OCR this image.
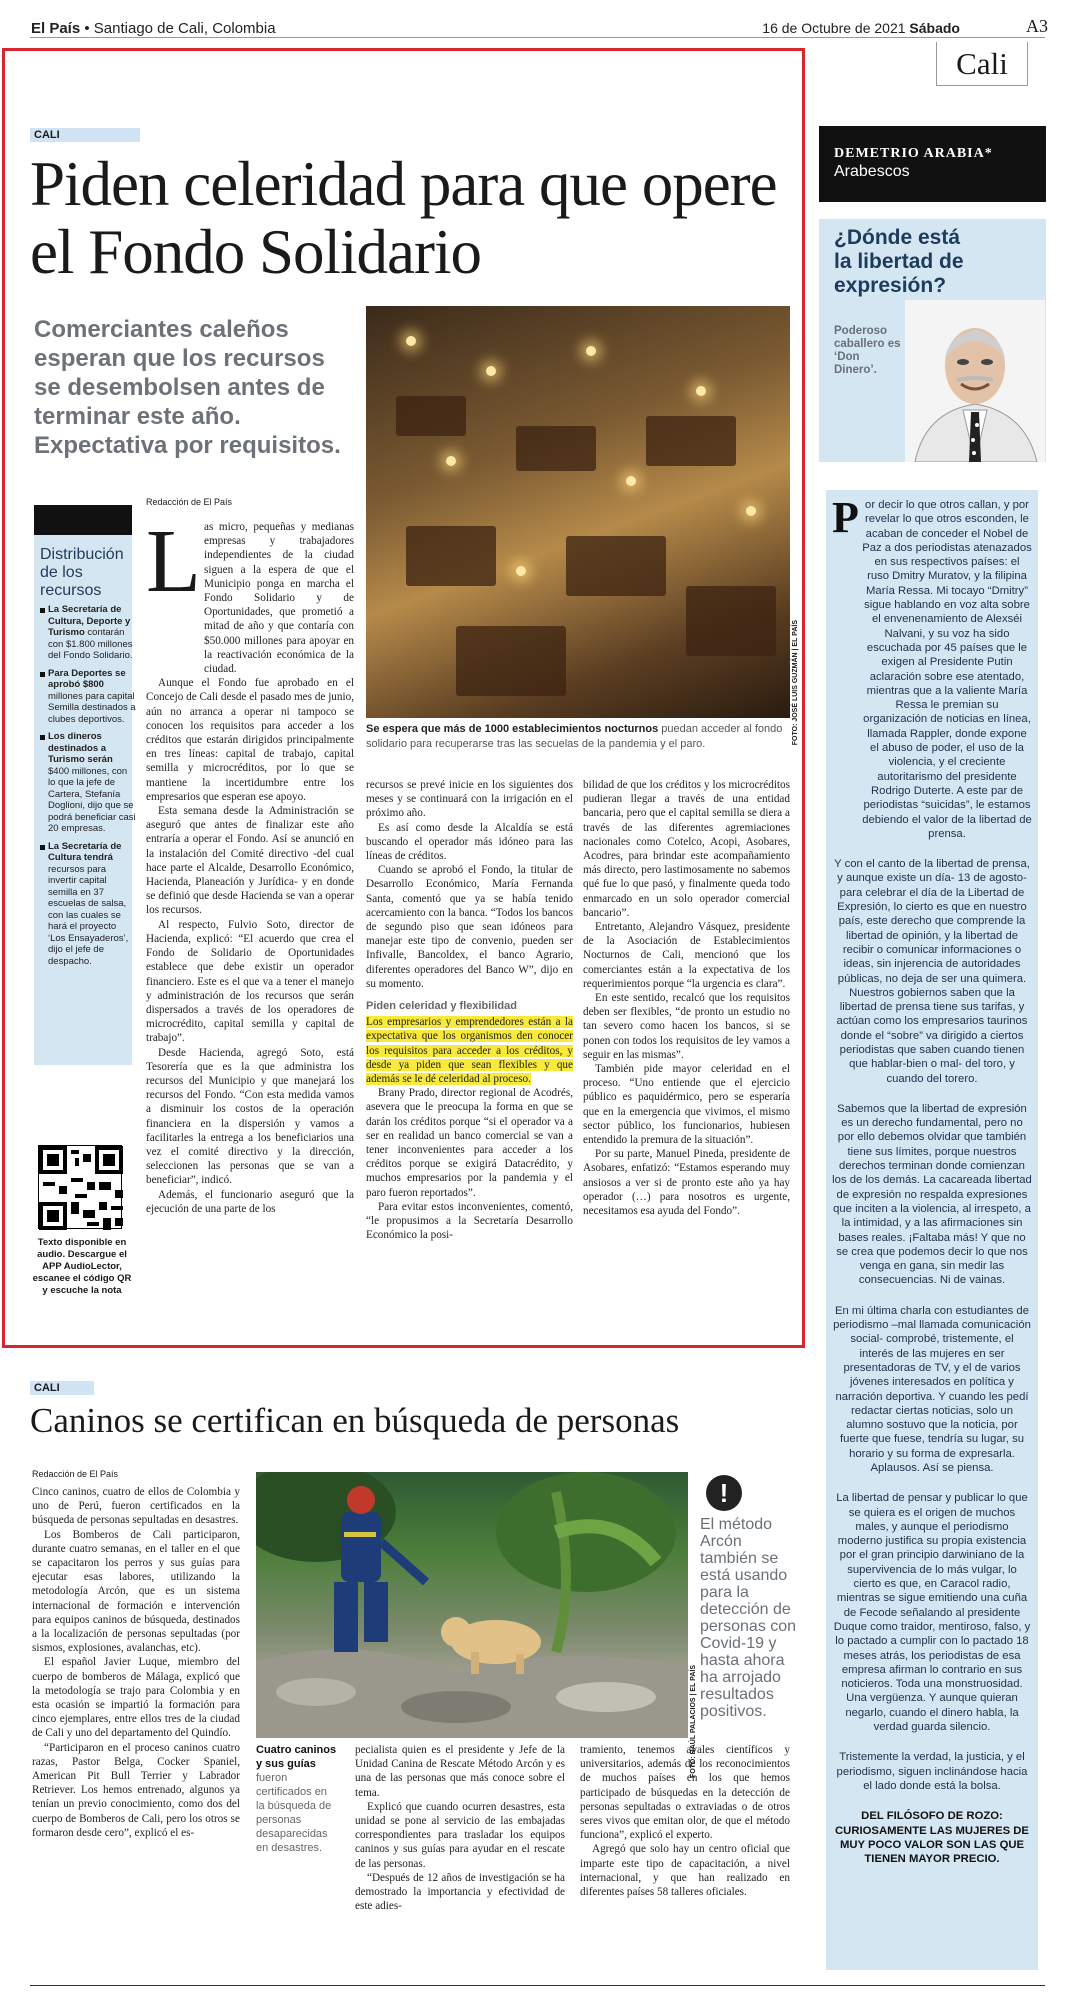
El País • Santiago de Cali, Colombia	16 de Octubre de 2021 Sábado	A3
Cali
CALI
Piden celeridad para que opere el Fondo Solidario
Comerciantes caleños esperan que los recursos se desembolsen antes de terminar este año. Expectativa por requisitos.
FOTO: JOSÉ LUIS GUZMÁN | EL PAÍS
Se espera que más de 1000 establecimientos nocturnos puedan acceder al fondo solidario para recuperarse tras las secuelas de la pandemia y el paro.
Distribución de los recursos
La Secretaría de Cultura, Deporte y Turismo contarán con $1.800 millones del Fondo Solidario.
Para Deportes se aprobó $800 millones para capital Semilla destinados a clubes deportivos.
Los dineros destinados a Turismo serán $400 millones, con lo que la jefe de Cartera, Stefanía Doglioni, dijo que se podrá beneficiar casi 20 empresas.
La Secretaría de Cultura tendrá recursos para invertir capital semilla en 37 escuelas de salsa, con las cuales se hará el proyecto ‘Los Ensayaderos’, dijo el jefe de despacho.
Texto disponible en audio. Descargue el APP AudioLector, escanee el código QR y escuche la nota
Redacción de El País
L as micro, pequeñas y medianas empresas y trabajadores independientes de la ciudad siguen a la espera de que el Municipio ponga en marcha el Fondo Solidario y de Oportunidades, que prometió a mitad de año y que contaría con $50.000 millones para apoyar en la reactivación económica de la ciudad.

Aunque el Fondo fue aprobado en el Concejo de Cali desde el pasado mes de junio, aún no arranca a operar ni tampoco se conocen los requisitos para acceder a los créditos que estarán dirigidos principalmente en tres líneas: capital de trabajo, capital semilla y microcréditos, por lo que se mantiene la incertidumbre entre los empresarios que esperan ese apoyo.

Esta semana desde la Administración se aseguró que antes de finalizar este año entraría a operar el Fondo. Así se anunció en la instalación del Comité directivo -del cual hace parte el Alcalde, Desarrollo Económico, Hacienda, Planeación y Jurídica- y en donde se definió que desde Hacienda se van a operar los recursos.

Al respecto, Fulvio Soto, director de Hacienda, explicó: “El acuerdo que crea el Fondo de Solidario de Oportunidades establece que debe existir un operador financiero. Este es el que va a tener el manejo y administración de los recursos que serán dispersados a través de los operadores de microcrédito, capital semilla y capital de trabajo”.

Desde Hacienda, agregó Soto, está Tesorería que es la que administra los recursos del Municipio y que manejará los recursos del Fondo. “Con esta medida vamos a disminuir los costos de la operación financiera en la dispersión y vamos a facilitarles la entrega a los beneficiarios una vez el comité directivo y la dirección, seleccionen las personas que se van a beneficiar”, indicó.

Además, el funcionario aseguró que la ejecución de una parte de los

recursos se prevé inicie en los siguientes dos meses y se continuará con la irrigación en el próximo año.

Es así como desde la Alcaldía se está buscando el operador más idóneo para las líneas de créditos.

Cuando se aprobó el Fondo, la titular de Desarrollo Económico, María Fernanda Santa, comentó que ya se había tenido acercamiento con la banca. “Todos los bancos de segundo piso que sean idóneos para manejar este tipo de convenio, pueden ser Infivalle, Bancoldex, el banco Agrario, diferentes operadores del Banco W”, dijo en su momento.

Piden celeridad y flexibilidad

Los empresarios y emprendedores están a la expectativa que los organismos den conocer los requisitos para acceder a los créditos, y desde ya piden que sean flexibles y que además se le dé celeridad al proceso.

Brany Prado, director regional de Acodrés, asevera que le preocupa la forma en que se darán los créditos porque “si el operador va a ser en realidad un banco comercial se van a tener inconvenientes para acceder a los créditos porque se exigirá Datacrédito, y muchos empresarios por la pandemia y el paro fueron reportados”.

Para evitar estos inconvenientes, comentó, “le propusimos a la Secretaría Desarrollo Económico la posi-

bilidad de que los créditos y los microcréditos pudieran llegar a través de una entidad bancaria, pero que el capital semilla se diera a través de las diferentes agremiaciones nacionales como Cotelco, Acopi, Asobares, Acodres, para brindar este acompañamiento más directo, pero lastimosamente no sabemos qué fue lo que pasó, y finalmente queda todo enmarcado en un solo operador comercial bancario”.

Entretanto, Alejandro Vásquez, presidente de la Asociación de Establecimientos Nocturnos de Cali, mencionó que los comerciantes están a la expectativa de los requerimientos porque “la urgencia es clara”.

En este sentido, recalcó que los requisitos deben ser flexibles, “de pronto un estudio no tan severo como hacen los bancos, si se ponen con todos los requisitos de ley vamos a seguir en las mismas”.

También pide mayor celeridad en el proceso. “Uno entiende que el ejercicio público es paquidérmico, pero se esperaría que en la emergencia que vivimos, el mismo sector público, los funcionarios, hubiesen entendido la premura de la situación”.

Por su parte, Manuel Pineda, presidente de Asobares, enfatizó: “Estamos esperando muy ansiosos a ver si de pronto este año ya hay operador (…) para nosotros es urgente, necesitamos esa ayuda del Fondo”.

DEMETRIO ARABIA*
Arabescos
¿Dónde está la libertad de expresión?
Poderoso caballero es ‘Don Dinero’.
P or decir lo que otros callan, y por revelar lo que otros esconden, le acaban de conceder el Nobel de Paz a dos periodistas atenazados en sus respectivos países: el ruso Dmitry Muratov, y la filipina María Ressa. Mi tocayo “Dmitry” sigue hablando en voz alta sobre el envenenamiento de Alexséi Nalvani, y su voz ha sido escuchada por 45 países que le exigen al Presidente Putin aclaración sobre ese atentado, mientras que a la valiente María Ressa le premian su organización de noticias en línea, llamada Rappler, donde expone el abuso de poder, el uso de la violencia, y el creciente autoritarismo del presidente Rodrigo Duterte. A este par de periodistas “suicidas”, le estamos debiendo el valor de la libertad de prensa.

Y con el canto de la libertad de prensa, y aunque existe un día- 13 de agosto- para celebrar el día de la Libertad de Expresión, lo cierto es que en nuestro país, este derecho que comprende la libertad de opinión, y la libertad de recibir o comunicar informaciones o ideas, sin injerencia de autoridades públicas, no deja de ser una quimera. Nuestros gobiernos saben que la libertad de prensa tiene sus tarifas, y actúan como los empresarios taurinos donde el “sobre” va dirigido a ciertos periodistas que saben cuando tienen que hablar-bien o mal- del toro, y cuando del torero.

Sabemos que la libertad de expresión es un derecho fundamental, pero no por ello debemos olvidar que también tiene sus límites, porque nuestros derechos terminan donde comienzan los de los demás. La cacareada libertad de expresión no respalda expresiones que inciten a la violencia, al irrespeto, a la intimidad, y a las afirmaciones sin bases reales. ¡Faltaba más! Y que no se crea que podemos decir lo que nos venga en gana, sin medir las consecuencias. Ni de vainas.

En mi última charla con estudiantes de periodismo –mal llamada comunicación social- comprobé, tristemente, el interés de las mujeres en ser presentadoras de TV, y el de varios jóvenes interesados en política y narración deportiva. Y cuando les pedí redactar ciertas noticias, solo un alumno sostuvo que la noticia, por fuerte que fuese, tendría su lugar, su horario y su forma de expresarla. Aplausos. Así se piensa.

La libertad de pensar y publicar lo que se quiera es el origen de muchos males, y aunque el periodismo moderno justifica su propia existencia por el gran principio darwiniano de la supervivencia de lo más vulgar, lo cierto es que, en Caracol radio, mientras se sigue emitiendo una cuña de Fecode señalando al presidente Duque como traidor, mentiroso, falso, y lo pactado a cumplir con lo pactado 18 meses atrás, los periodistas de esa empresa afirman lo contrario en sus noticieros. Toda una monstruosidad. Una vergüenza. Y aunque quieran negarlo, cuando el dinero habla, la verdad guarda silencio.

Tristemente la verdad, la justicia, y el periodismo, siguen inclinándose hacia el lado donde está la bolsa.

DEL FILÓSOFO DE ROZO: CURIOSAMENTE LAS MUJERES DE MUY POCO VALOR SON LAS QUE TIENEN MAYOR PRECIO.

CALI
Caninos se certifican en búsqueda de personas
Redacción de El País

Cinco caninos, cuatro de ellos de Colombia y uno de Perú, fueron certificados en la búsqueda de personas sepultadas en desastres.

Los Bomberos de Cali participaron, durante cuatro semanas, en el taller en el que se capacitaron los perros y sus guías para ejecutar esas labores, utilizando la metodología Arcón, que es un sistema internacional de formación e intervención para equipos caninos de búsqueda, destinados a la localización de personas sepultadas (por sismos, explosiones, avalanchas, etc).

El español Javier Luque, miembro del cuerpo de bomberos de Málaga, explicó que la metodología se trajo para Colombia y en esta ocasión se impartió la formación para cinco ejemplares, entre ellos tres de la ciudad de Cali y uno del departamento del Quindío.

“Participaron en el proceso caninos cuatro razas, Pastor Belga, Cocker Spaniel, American Pit Bull Terrier y Labrador Retriever. Los hemos entrenado, algunos ya tenían un previo conocimiento, como dos del cuerpo de Bomberos de Cali, pero los otros se formaron desde cero”, explicó el es-

FOTO: RAÚL PALACIOS | EL PAÍS
!
El método Arcón también se está usando para la detección de personas con Covid-19 y hasta ahora ha arrojado resultados positivos.
Cuatro caninos y sus guías fueron certificados en la búsqueda de personas desaparecidas en desastres.

pecialista quien es el presidente y Jefe de la Unidad Canina de Rescate Método Arcón y es una de las personas que más conoce sobre el tema.

Explicó que cuando ocurren desastres, esta unidad se pone al servicio de las embajadas correspondientes para trasladar los equipos caninos y sus guías para ayudar en el rescate de las personas.

“Después de 12 años de investigación se ha demostrado la importancia y efectividad de este adies-

tramiento, tenemos avales científicos y universitarios, además de los reconocimientos de muchos países en los que hemos participado de búsquedas en la detección de personas sepultadas o extraviadas o de otros seres vivos que emitan olor, de que el método funciona”, explicó el experto.

Agregó que solo hay un centro oficial que imparte este tipo de capacitación, a nivel internacional, y que han realizado en diferentes países 58 talleres oficiales.
